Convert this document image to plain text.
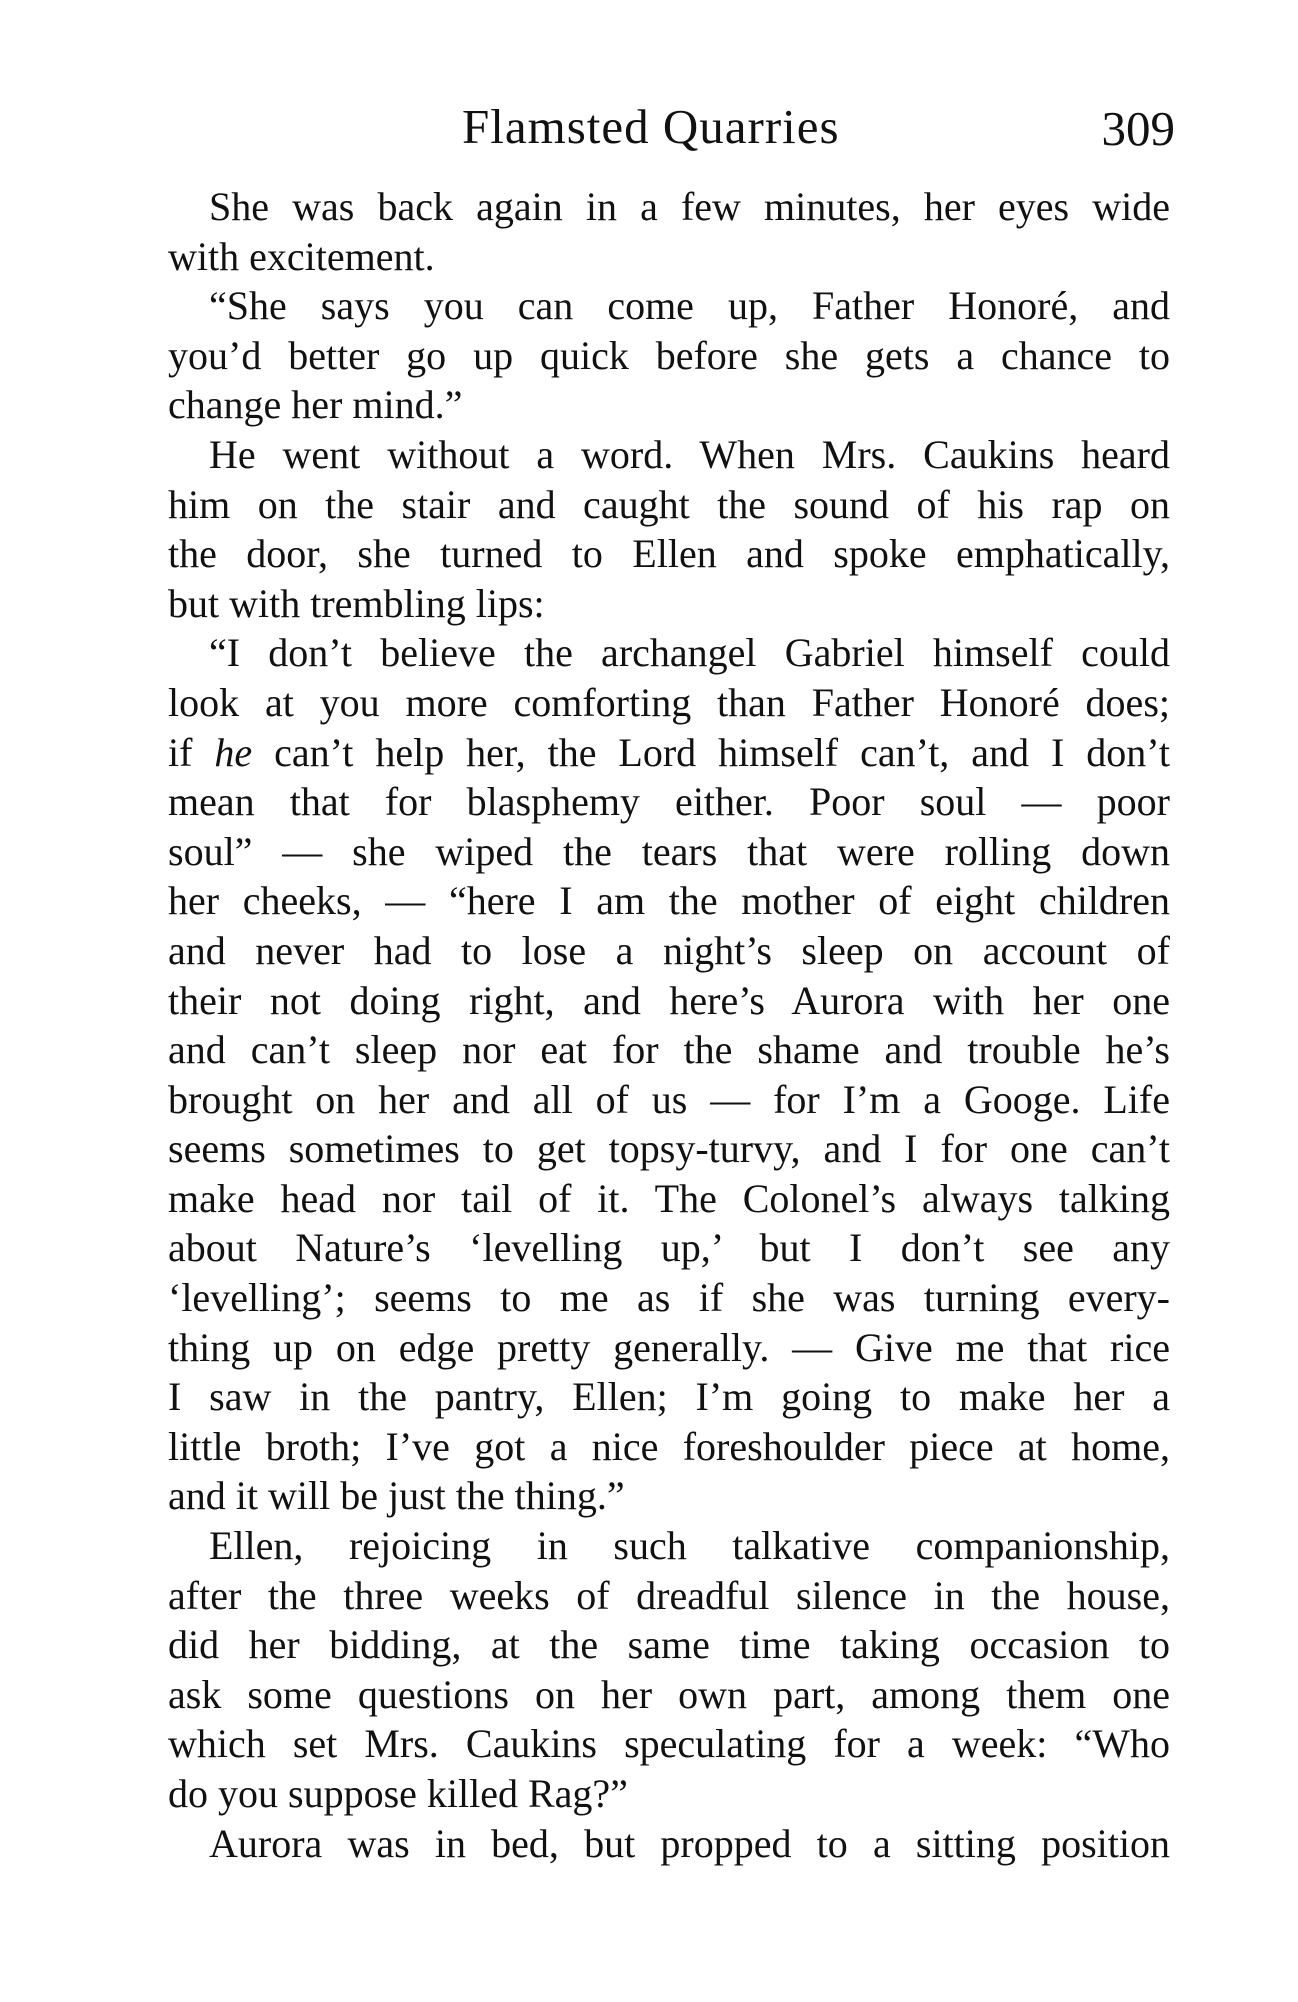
Flamsted Quarries	309
She was back again in a few minutes, her eyes wide
with excitement.
“She says you can come up, Father Honoré, and
you’d better go up quick before she gets a chance to
change her mind.”
He went without a word. When Mrs. Caukins heard
him on the stair and caught the sound of his rap on
the door, she turned to Ellen and spoke emphatically,
but with trembling lips:
“I don’t believe the archangel Gabriel himself could
look at you more comforting than Father Honoré does;
if he can’t help her, the Lord himself can’t, and I don’t
mean that for blasphemy either. Poor soul — poor
soul” — she wiped the tears that were rolling down
her cheeks, — “here I am the mother of eight children
and never had to lose a night’s sleep on account of
their not doing right, and here’s Aurora with her one
and can’t sleep nor eat for the shame and trouble he’s
brought on her and all of us — for I’m a Googe. Life
seems sometimes to get topsy-turvy, and I for one can’t
make head nor tail of it. The Colonel’s always talking
about Nature’s ‘levelling up,’ but I don’t see any
‘levelling’; seems to me as if she was turning every-
thing up on edge pretty generally. — Give me that rice
I saw in the pantry, Ellen; I’m going to make her a
little broth; I’ve got a nice foreshoulder piece at home,
and it will be just the thing.”
Ellen, rejoicing in such talkative companionship,
after the three weeks of dreadful silence in the house,
did her bidding, at the same time taking occasion to
ask some questions on her own part, among them one
which set Mrs. Caukins speculating for a week: “Who
do you suppose killed Rag?”
Aurora was in bed, but propped to a sitting position
